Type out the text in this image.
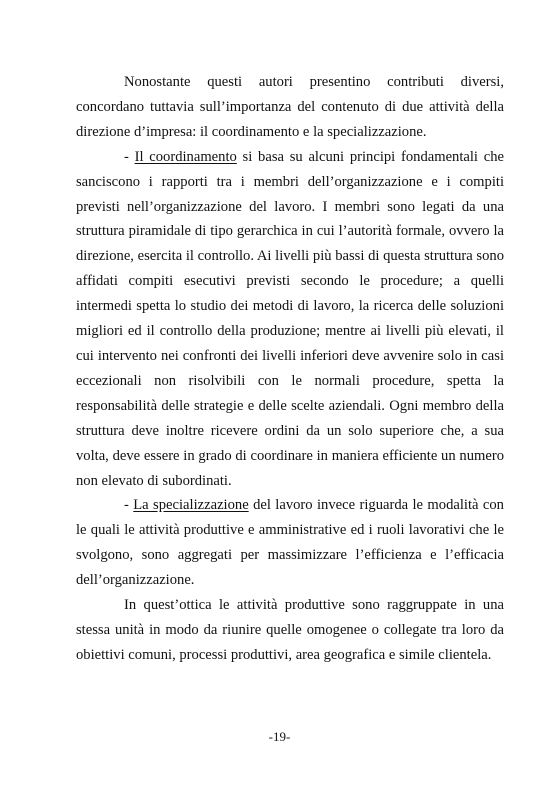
Nonostante questi autori presentino contributi diversi, concordano tuttavia sull’importanza del contenuto di due attività della direzione d’impresa: il coordinamento e la specializzazione.

- Il coordinamento si basa su alcuni principi fondamentali che sanciscono i rapporti tra i membri dell’organizzazione e i compiti previsti nell’organizzazione del lavoro. I membri sono legati da una struttura piramidale di tipo gerarchica in cui l’autorità formale, ovvero la direzione, esercita il controllo. Ai livelli più bassi di questa struttura sono affidati compiti esecutivi previsti secondo le procedure; a quelli intermedi spetta lo studio dei metodi di lavoro, la ricerca delle soluzioni migliori ed il controllo della produzione; mentre ai livelli più elevati, il cui intervento nei confronti dei livelli inferiori deve avvenire solo in casi eccezionali non risolvibili con le normali procedure, spetta la responsabilità delle strategie e delle scelte aziendali. Ogni membro della struttura deve inoltre ricevere ordini da un solo superiore che, a sua volta, deve essere in grado di coordinare in maniera efficiente un numero non elevato di subordinati.

- La specializzazione del lavoro invece riguarda le modalità con le quali le attività produttive e amministrative ed i ruoli lavorativi che le svolgono, sono aggregati per massimizzare l’efficienza e l’efficacia dell’organizzazione.

In quest’ottica le attività produttive sono raggruppate in una stessa unità in modo da riunire quelle omogenee o collegate tra loro da obiettivi comuni, processi produttivi, area geografica e simile clientela.

-19-
